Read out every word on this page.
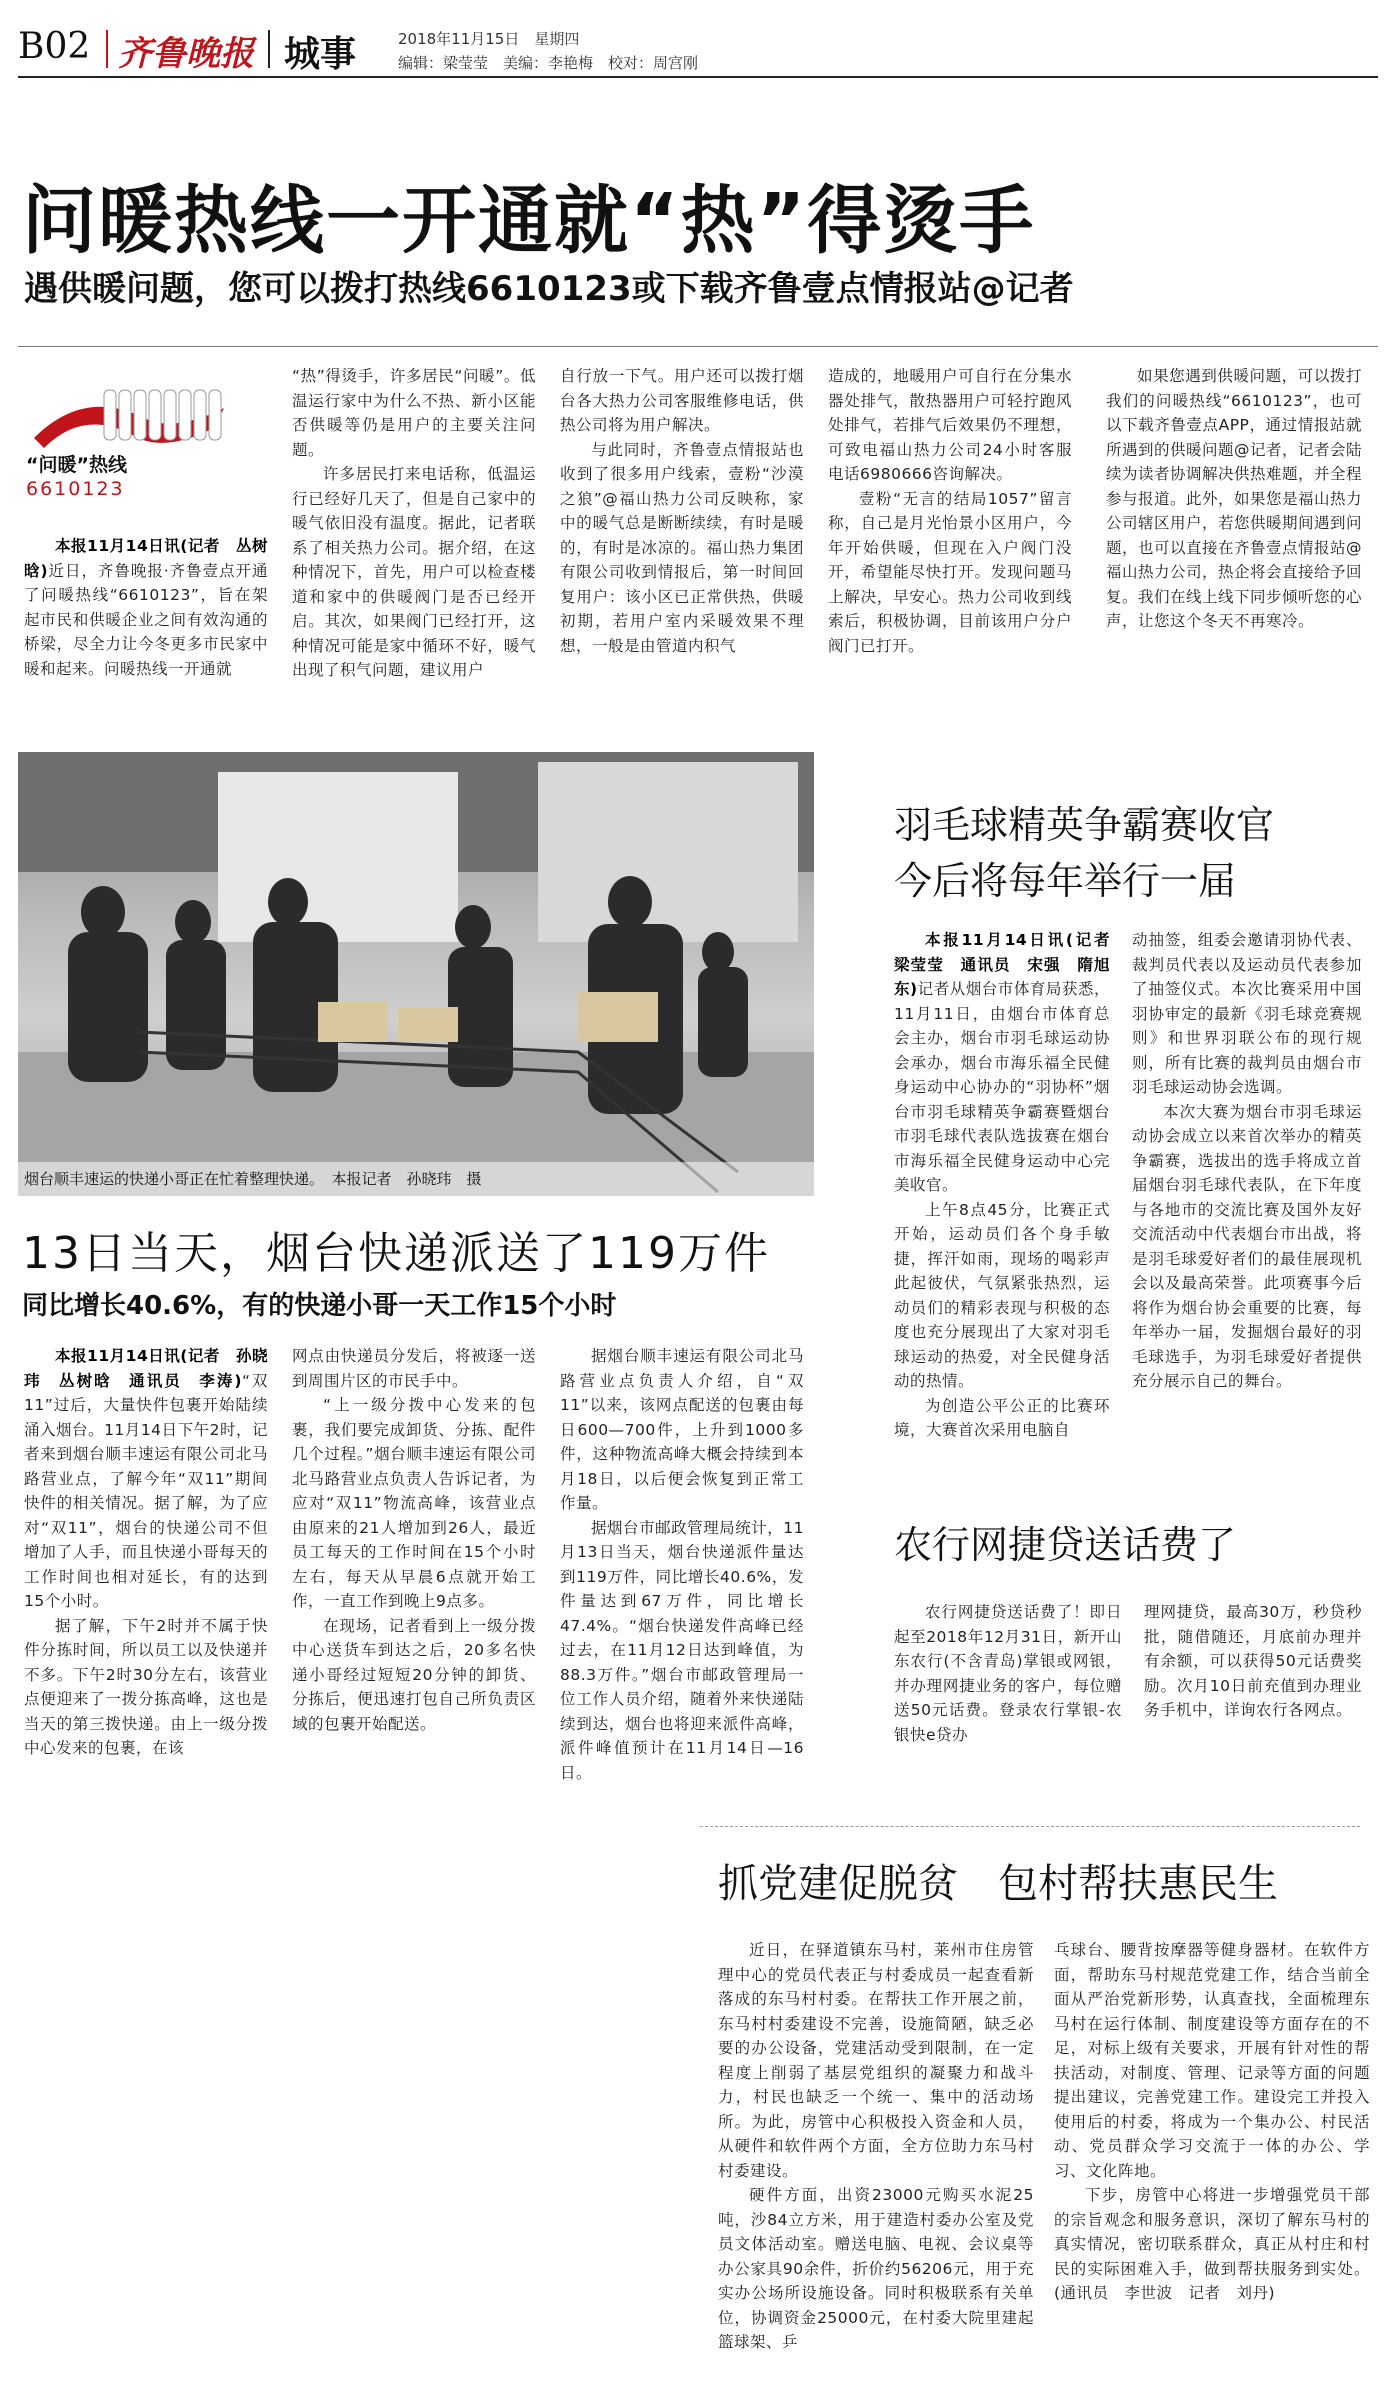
B02 齐鲁晚报 城事	2018年11月15日　星期四
编辑：梁莹莹　美编：李艳梅　校对：周宫刚
问暖热线一开通就“热”得烫手
遇供暖问题，您可以拨打热线6610123或下载齐鲁壹点情报站@记者
“问暖”热线
6610123

本报11月14日讯(记者　丛树晗)近日，齐鲁晚报·齐鲁壹点开通了问暖热线“6610123”，旨在架起市民和供暖企业之间有效沟通的桥梁，尽全力让今冬更多市民家中暖和起来。问暖热线一开通就

“热”得烫手，许多居民“问暖”。低温运行家中为什么不热、新小区能否供暖等仍是用户的主要关注问题。

许多居民打来电话称，低温运行已经好几天了，但是自己家中的暖气依旧没有温度。据此，记者联系了相关热力公司。据介绍，在这种情况下，首先，用户可以检查楼道和家中的供暖阀门是否已经开启。其次，如果阀门已经打开，这种情况可能是家中循环不好，暖气出现了积气问题，建议用户

自行放一下气。用户还可以拨打烟台各大热力公司客服维修电话，供热公司将为用户解决。

与此同时，齐鲁壹点情报站也收到了很多用户线索，壹粉“沙漠之狼”@福山热力公司反映称，家中的暖气总是断断续续，有时是暖的，有时是冰凉的。福山热力集团有限公司收到情报后，第一时间回复用户：该小区已正常供热，供暖初期，若用户室内采暖效果不理想，一般是由管道内积气

造成的，地暖用户可自行在分集水器处排气，散热器用户可轻拧跑风处排气，若排气后效果仍不理想，可致电福山热力公司24小时客服电话6980666咨询解决。

壹粉“无言的结局1057”留言称，自己是月光怡景小区用户，今年开始供暖，但现在入户阀门没开，希望能尽快打开。发现问题马上解决，早安心。热力公司收到线索后，积极协调，目前该用户分户阀门已打开。

如果您遇到供暖问题，可以拨打我们的问暖热线“6610123”，也可以下载齐鲁壹点APP，通过情报站就所遇到的供暖问题@记者，记者会陆续为读者协调解决供热难题，并全程参与报道。此外，如果您是福山热力公司辖区用户，若您供暖期间遇到问题，也可以直接在齐鲁壹点情报站@福山热力公司，热企将会直接给予回复。我们在线上线下同步倾听您的心声，让您这个冬天不再寒冷。

烟台顺丰速运的快递小哥正在忙着整理快递。　本报记者　孙晓玮　摄
13日当天，烟台快递派送了119万件
同比增长40.6%，有的快递小哥一天工作15个小时

本报11月14日讯(记者　孙晓玮　丛树晗　通讯员　李涛)“双11”过后，大量快件包裹开始陆续涌入烟台。11月14日下午2时，记者来到烟台顺丰速运有限公司北马路营业点，了解今年“双11”期间快件的相关情况。据了解，为了应对“双11”，烟台的快递公司不但增加了人手，而且快递小哥每天的工作时间也相对延长，有的达到15个小时。

据了解，下午2时并不属于快件分拣时间，所以员工以及快递并不多。下午2时30分左右，该营业点便迎来了一拨分拣高峰，这也是当天的第三拨快递。由上一级分拨中心发来的包裹，在该

网点由快递员分发后，将被逐一送到周围片区的市民手中。

“上一级分拨中心发来的包裹，我们要完成卸货、分拣、配件几个过程。”烟台顺丰速运有限公司北马路营业点负责人告诉记者，为应对“双11”物流高峰，该营业点由原来的21人增加到26人，最近员工每天的工作时间在15个小时左右，每天从早晨6点就开始工作，一直工作到晚上9点多。

在现场，记者看到上一级分拨中心送货车到达之后，20多名快递小哥经过短短20分钟的卸货、分拣后，便迅速打包自己所负责区域的包裹开始配送。

据烟台顺丰速运有限公司北马路营业点负责人介绍，自“双11”以来，该网点配送的包裹由每日600—700件，上升到1000多件，这种物流高峰大概会持续到本月18日，以后便会恢复到正常工作量。

据烟台市邮政管理局统计，11月13日当天，烟台快递派件量达到119万件，同比增长40.6%，发件量达到67万件，同比增长47.4%。“烟台快递发件高峰已经过去，在11月12日达到峰值，为88.3万件。”烟台市邮政管理局一位工作人员介绍，随着外来快递陆续到达，烟台也将迎来派件高峰，派件峰值预计在11月14日—16日。

羽毛球精英争霸赛收官
今后将每年举行一届

本报11月14日讯(记者　梁莹莹　通讯员　宋强　隋旭东)记者从烟台市体育局获悉，11月11日，由烟台市体育总会主办，烟台市羽毛球运动协会承办，烟台市海乐福全民健身运动中心协办的“羽协杯”烟台市羽毛球精英争霸赛暨烟台市羽毛球代表队选拔赛在烟台市海乐福全民健身运动中心完美收官。

上午8点45分，比赛正式开始，运动员们各个身手敏捷，挥汗如雨，现场的喝彩声此起彼伏，气氛紧张热烈，运动员们的精彩表现与积极的态度也充分展现出了大家对羽毛球运动的热爱，对全民健身活动的热情。

为创造公平公正的比赛环境，大赛首次采用电脑自

动抽签，组委会邀请羽协代表、裁判员代表以及运动员代表参加了抽签仪式。本次比赛采用中国羽协审定的最新《羽毛球竞赛规则》和世界羽联公布的现行规则，所有比赛的裁判员由烟台市羽毛球运动协会选调。

本次大赛为烟台市羽毛球运动协会成立以来首次举办的精英争霸赛，选拔出的选手将成立首届烟台羽毛球代表队，在下年度与各地市的交流比赛及国外友好交流活动中代表烟台市出战，将是羽毛球爱好者们的最佳展现机会以及最高荣誉。此项赛事今后将作为烟台协会重要的比赛，每年举办一届，发掘烟台最好的羽毛球选手，为羽毛球爱好者提供充分展示自己的舞台。

农行网捷贷送话费了

农行网捷贷送话费了！即日起至2018年12月31日，新开山东农行(不含青岛)掌银或网银，并办理网捷业务的客户，每位赠送50元话费。登录农行掌银-农银快e贷办

理网捷贷，最高30万，秒贷秒批，随借随还，月底前办理并有余额，可以获得50元话费奖励。次月10日前充值到办理业务手机中，详询农行各网点。

抓党建促脱贫　包村帮扶惠民生

近日，在驿道镇东马村，莱州市住房管理中心的党员代表正与村委成员一起查看新落成的东马村村委。在帮扶工作开展之前，东马村村委建设不完善，设施简陋，缺乏必要的办公设备，党建活动受到限制，在一定程度上削弱了基层党组织的凝聚力和战斗力，村民也缺乏一个统一、集中的活动场所。为此，房管中心积极投入资金和人员，从硬件和软件两个方面，全方位助力东马村村委建设。

硬件方面，出资23000元购买水泥25吨，沙84立方米，用于建造村委办公室及党员文体活动室。赠送电脑、电视、会议桌等办公家具90余件，折价约56206元，用于充实办公场所设施设备。同时积极联系有关单位，协调资金25000元，在村委大院里建起篮球架、乒

乓球台、腰背按摩器等健身器材。在软件方面，帮助东马村规范党建工作，结合当前全面从严治党新形势，认真查找，全面梳理东马村在运行体制、制度建设等方面存在的不足，对标上级有关要求，开展有针对性的帮扶活动，对制度、管理、记录等方面的问题提出建议，完善党建工作。建设完工并投入使用后的村委，将成为一个集办公、村民活动、党员群众学习交流于一体的办公、学习、文化阵地。

下步，房管中心将进一步增强党员干部的宗旨观念和服务意识，深切了解东马村的真实情况，密切联系群众，真正从村庄和村民的实际困难入手，做到帮扶服务到实处。(通讯员　李世波　记者　刘丹)
